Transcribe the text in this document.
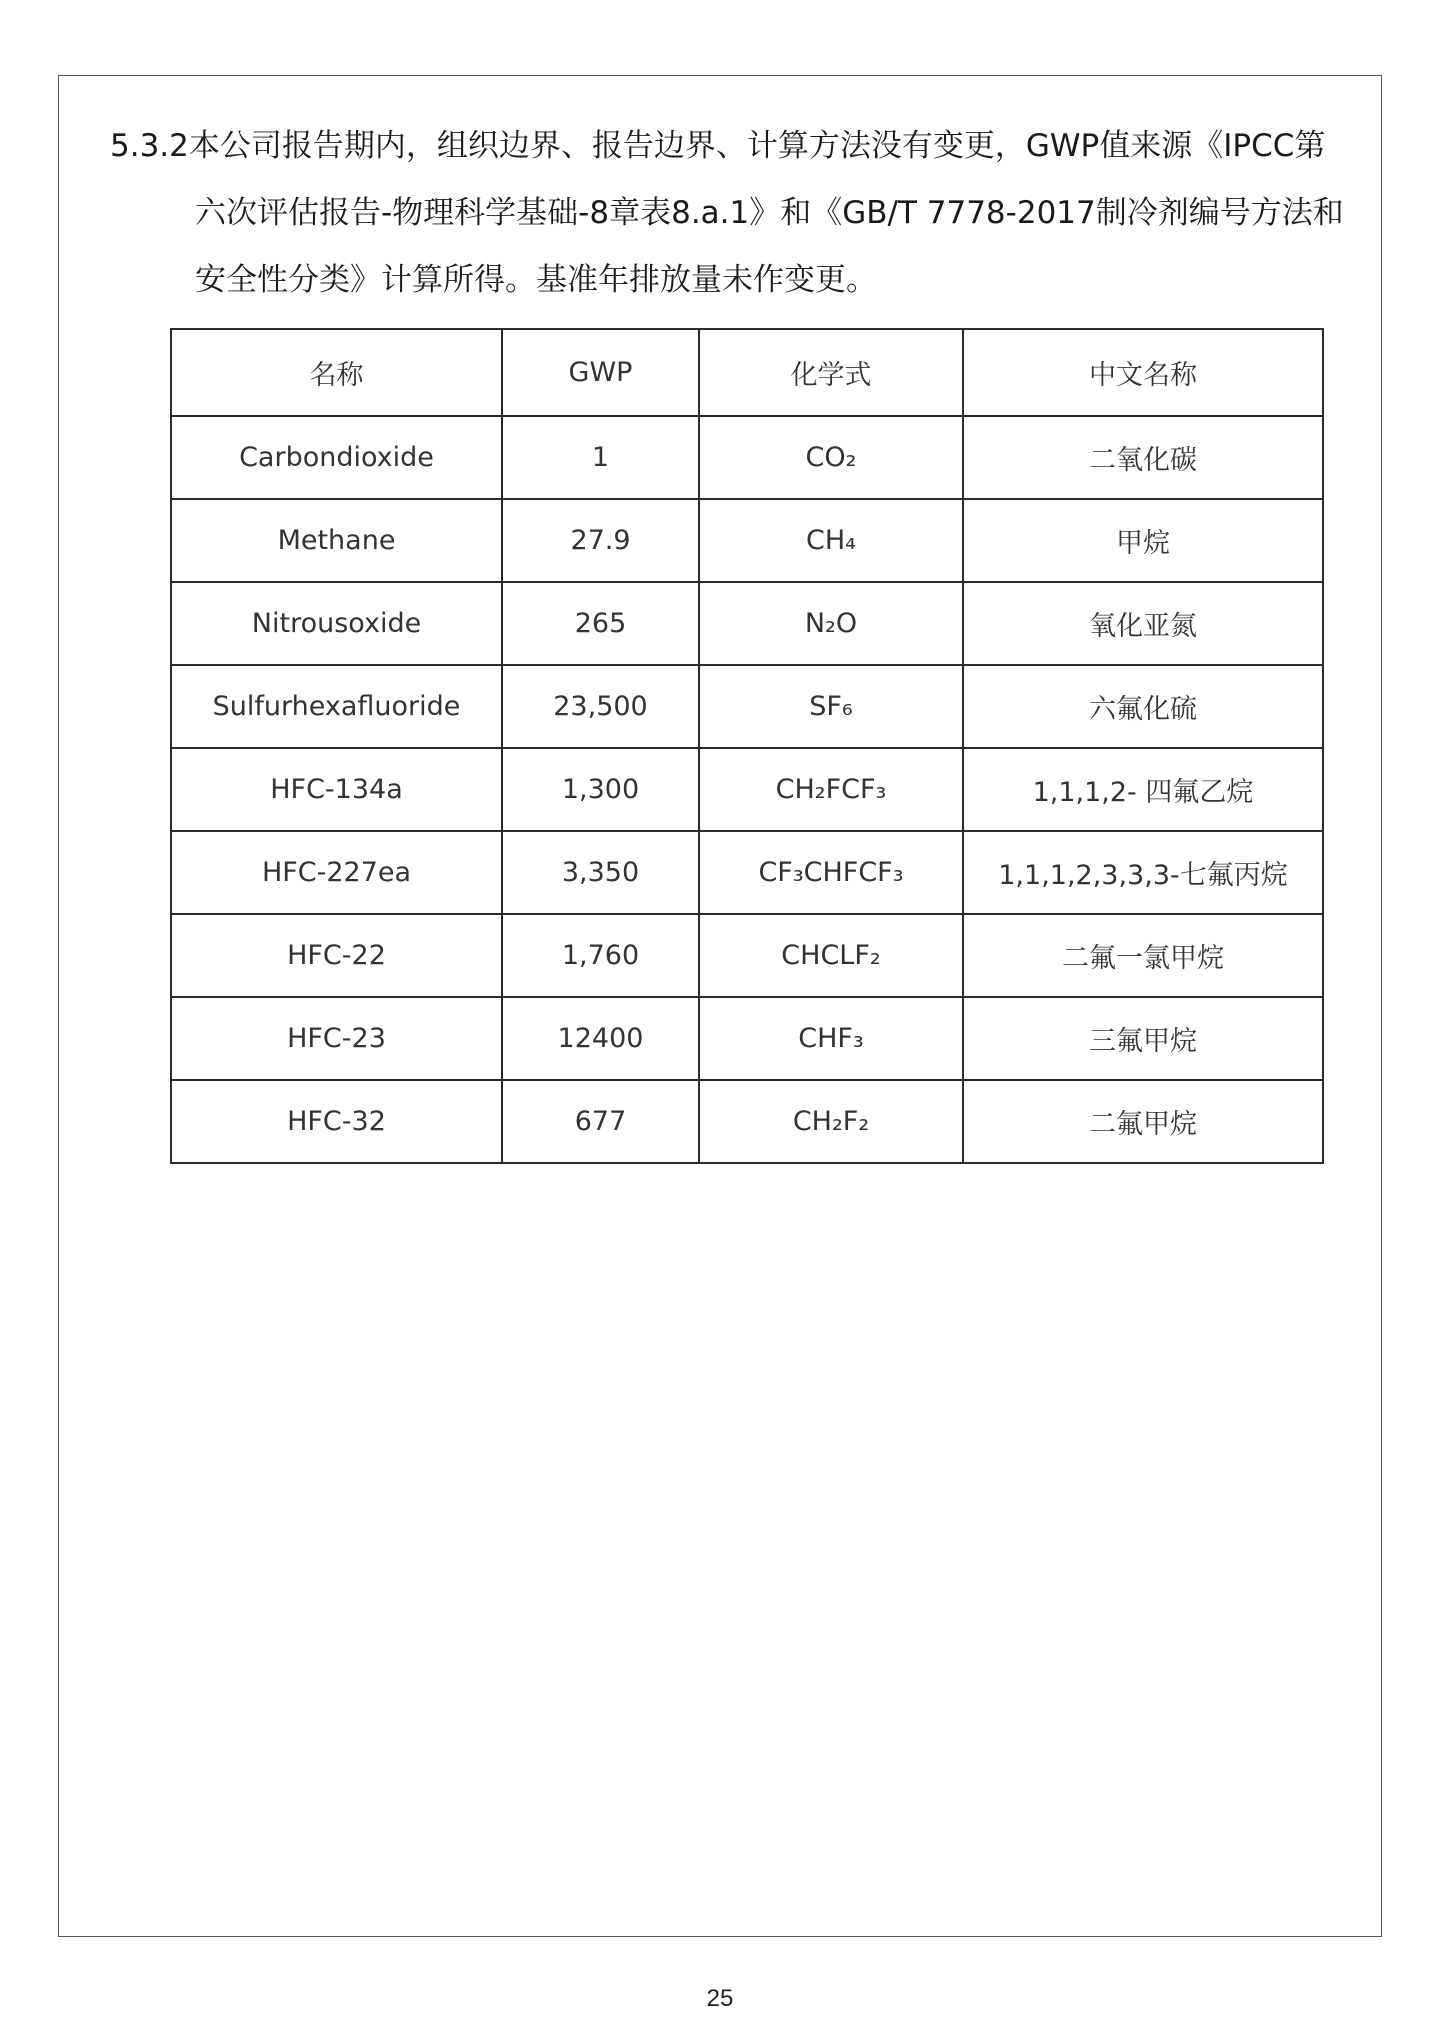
5.3.2本公司报告期内，组织边界、报告边界、计算方法没有变更，GWP值来源《IPCC第
六次评估报告-物理科学基础-8章表8.a.1》和《GB/T 7778-2017制冷剂编号方法和
安全性分类》计算所得。基准年排放量未作变更。
名称	GWP	化学式	中文名称
Carbondioxide	1	CO₂	二氧化碳
Methane	27.9	CH₄	甲烷
Nitrousoxide	265	N₂O	氧化亚氮
Sulfurhexafluoride	23,500	SF₆	六氟化硫
HFC-134a	1,300	CH₂FCF₃	1,1,1,2- 四氟乙烷
HFC-227ea	3,350	CF₃CHFCF₃	1,1,1,2,3,3,3-七氟丙烷
HFC-22	1,760	CHCLF₂	二氟一氯甲烷
HFC-23	12400	CHF₃	三氟甲烷
HFC-32	677	CH₂F₂	二氟甲烷
25
